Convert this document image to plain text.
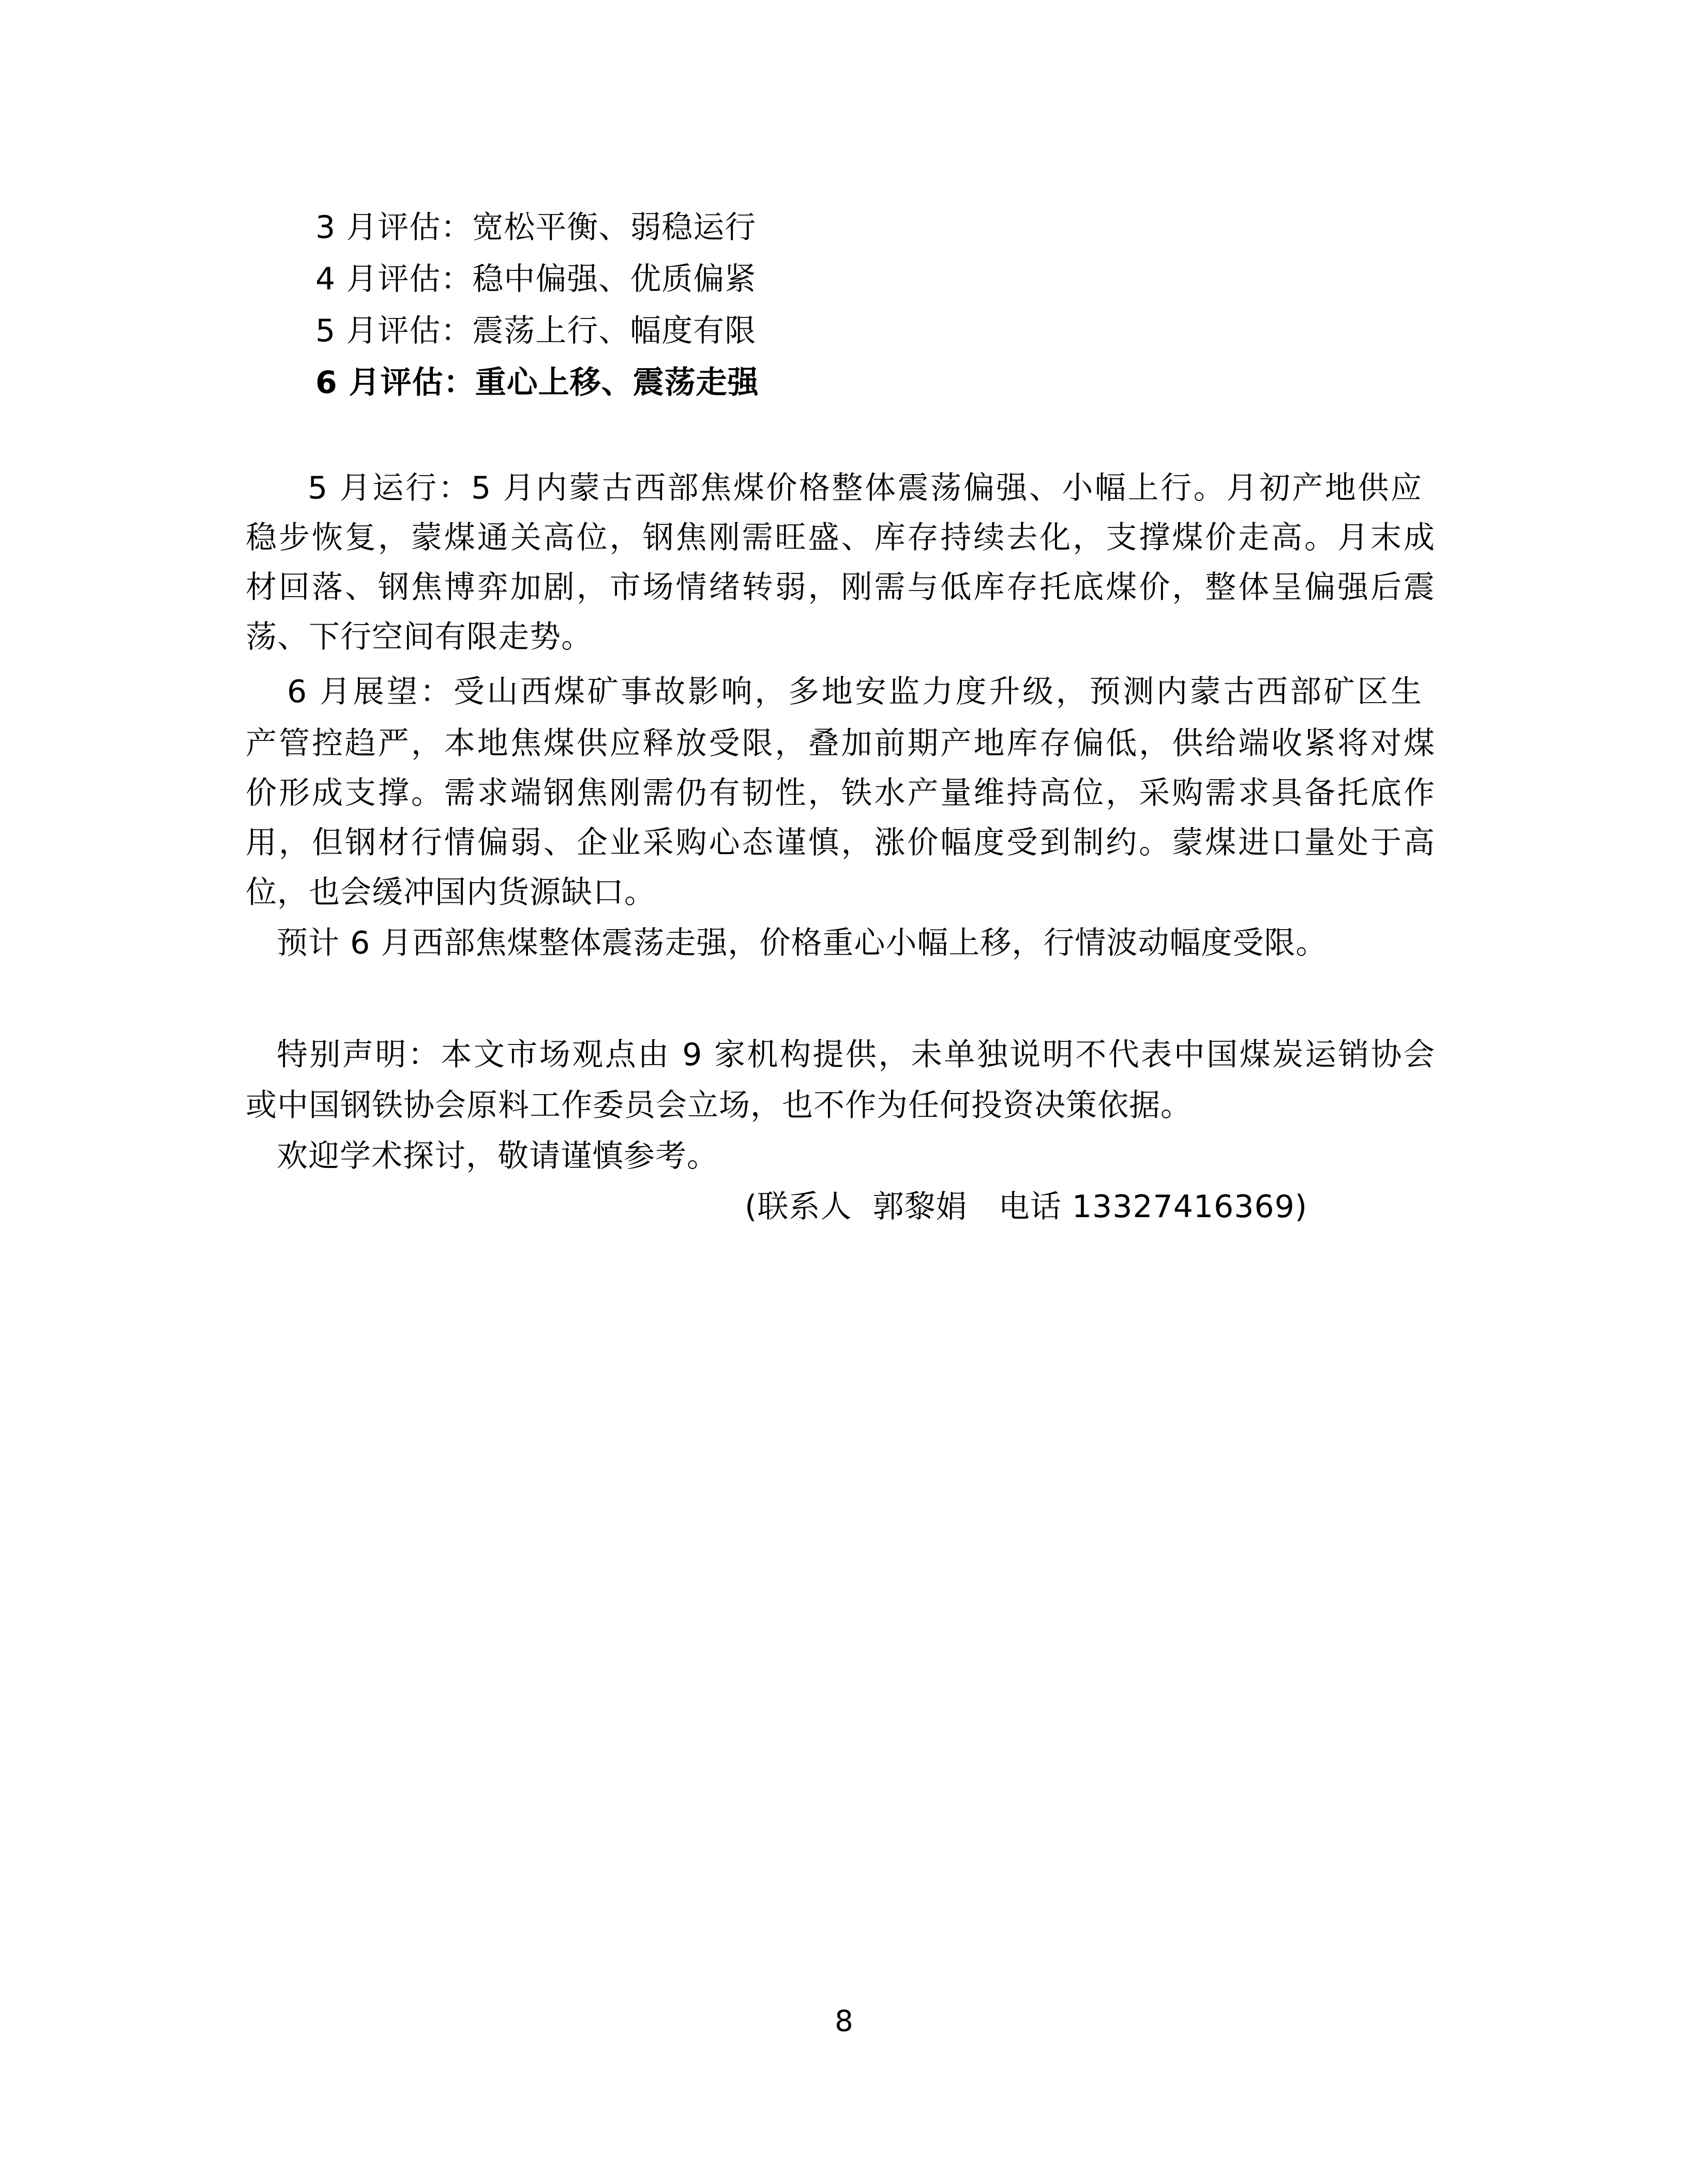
3 月评估：宽松平衡、弱稳运行
4 月评估：稳中偏强、优质偏紧
5 月评估：震荡上行、幅度有限
6 月评估：重心上移、震荡走强
5 月运行：5 月内蒙古西部焦煤价格整体震荡偏强、小幅上行。月初产地供应
稳步恢复，蒙煤通关高位，钢焦刚需旺盛、库存持续去化，支撑煤价走高。月末成
材回落、钢焦博弈加剧，市场情绪转弱，刚需与低库存托底煤价，整体呈偏强后震
荡、下行空间有限走势。
6 月展望：受山西煤矿事故影响，多地安监力度升级，预测内蒙古西部矿区生
产管控趋严，本地焦煤供应释放受限，叠加前期产地库存偏低，供给端收紧将对煤
价形成支撑。需求端钢焦刚需仍有韧性，铁水产量维持高位，采购需求具备托底作
用，但钢材行情偏弱、企业采购心态谨慎，涨价幅度受到制约。蒙煤进口量处于高
位，也会缓冲国内货源缺口。
预计 6 月西部焦煤整体震荡走强，价格重心小幅上移，行情波动幅度受限。
特别声明：本文市场观点由 9 家机构提供，未单独说明不代表中国煤炭运销协会
或中国钢铁协会原料工作委员会立场，也不作为任何投资决策依据。
欢迎学术探讨，敬请谨慎参考。
(联系人  郭黎娟   电话 13327416369)
8
